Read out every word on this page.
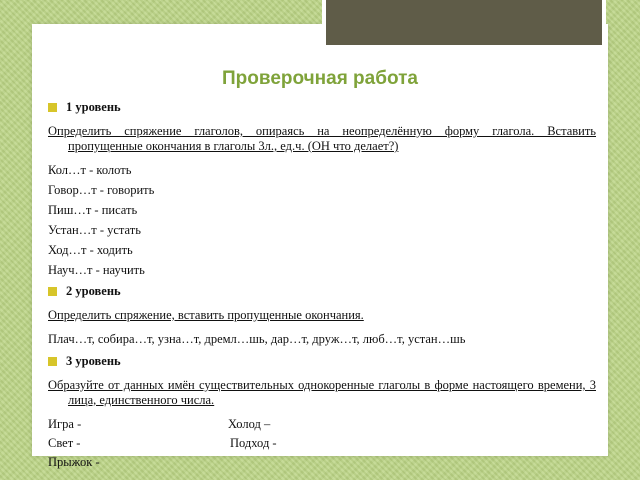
Проверочная работа
1 уровень
Определить спряжение глаголов, опираясь на неопределённую форму глагола. Вставить
пропущенные окончания в глаголы 3л., ед.ч. (ОН что делает?)
Кол…т - колоть
Говор…т - говорить
Пиш…т - писать
Устан…т - устать
Ход…т - ходить
Науч…т - научить
2 уровень
Определить спряжение, вставить пропущенные окончания.
Плач…т, собира…т, узна…т, дремл…шь, дар…т, друж…т, люб…т, устан…шь
3 уровень
Образуйте от данных имён существительных однокоренные глаголы в форме настоящего времени, 3
лица, единственного числа.
Игра -	Холод –
Свет -	Подход -
Прыжок -
